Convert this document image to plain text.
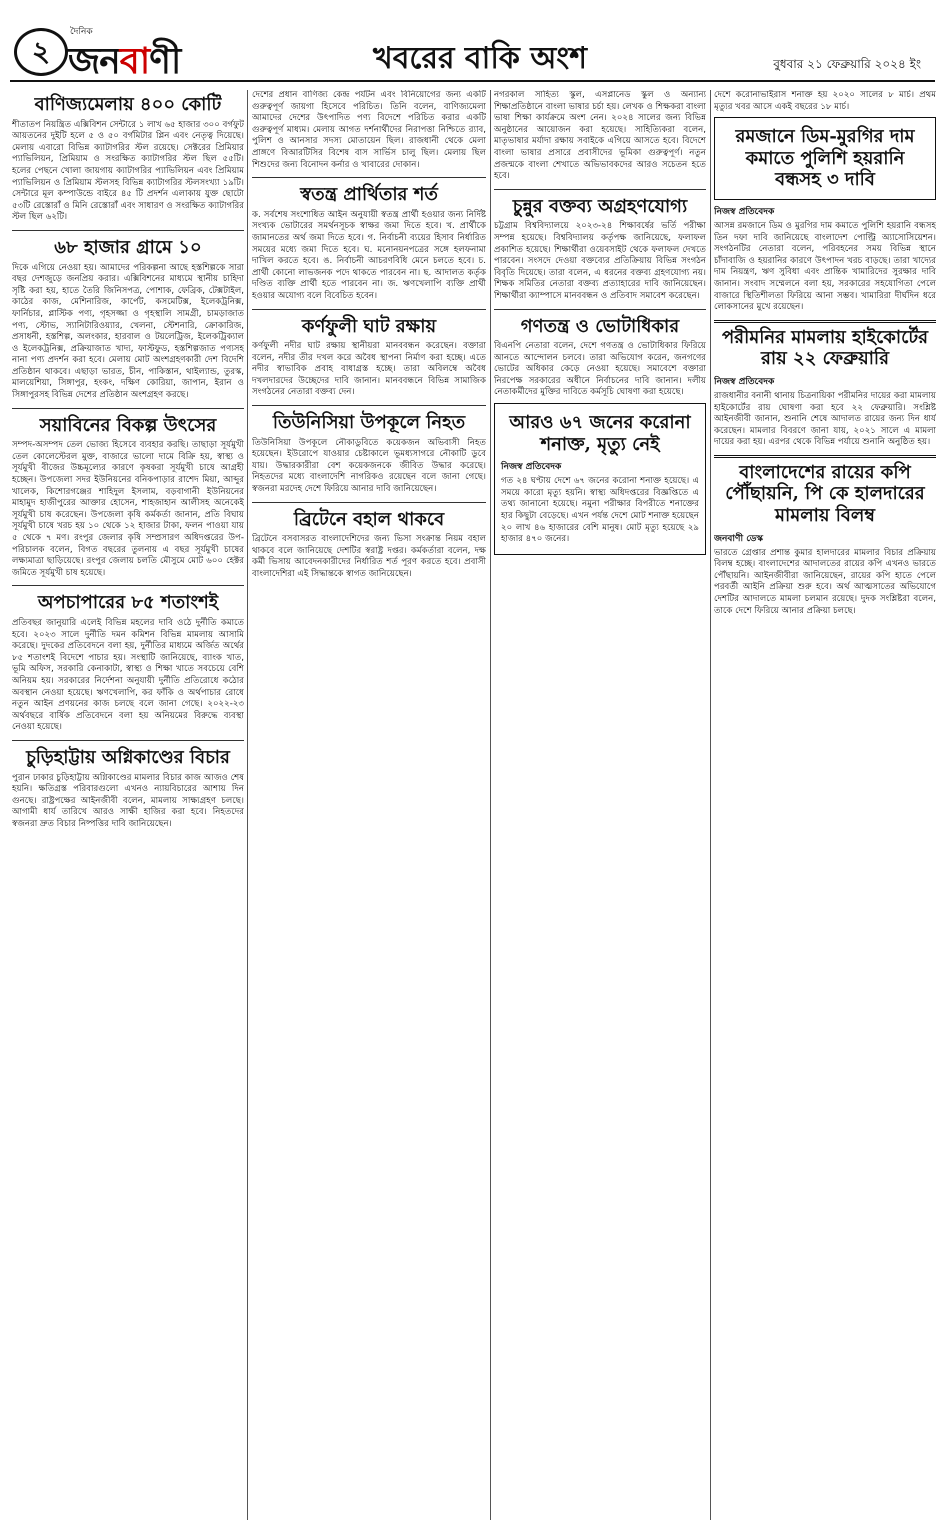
২
দৈনিক
জনবাণী	খবরের বাকি অংশ	বুধবার ২১ ফেব্রুয়ারি ২০২৪ ইং
বাণিজ্যমেলায় ৪০০ কোটি

শীতাতপ নিয়ন্ত্রিত এক্সিবিশন সেন্টারে ১ লাখ ৬৫ হাজার ৩০০ বর্গফুট আয়তনের দুইটি হলে ৫ ও ৫০ বর্গমিটার প্লিন এবং নেতৃত্ব দিয়েছে। মেলায় এবারো বিভিন্ন ক্যাটাগরির স্টল রয়েছে। সেক্টরের প্রিমিয়ার প্যাভিলিয়ন, প্রিমিয়াম ও সংরক্ষিত ক্যাটাগরির স্টল ছিল ৫৫টি। হলের পেছনে খোলা জায়গায় ক্যাটাগরির প্যাভিলিয়ন এবং প্রিমিয়াম প্যাভিলিয়ন ও প্রিমিয়াম স্টলসহ বিভিন্ন ক্যাটাগরির স্টলসংখ্যা ১৯টি। সেন্টারে মূল কম্পাউন্ডে বাইরে ৪৫ টি প্রদর্শন এলাকায় যুক্ত ছোটো ৫৩টি রেস্তোরাঁ ও মিনি রেস্তোরাঁ এবং সাধারণ ও সংরক্ষিত ক্যাটাগরির স্টল ছিল ৬২টি।

৬৮ হাজার গ্রামে ১০

দিকে এগিয়ে নেওয়া হয়। আমাদের পরিকল্পনা আছে হস্তশিল্পকে সারা বছর দেশজুড়ে জনপ্রিয় করার। এক্সিবিশনের মাধ্যমে স্থানীয় চাহিদা সৃষ্টি করা হয়, হাতে তৈরি জিনিসপত্র, পোশাক, ফেব্রিক, টেক্সটাইল, কাঠের কাজ, মেশিনারিজ, কার্পেট, কসমেটিক্স, ইলেকট্রনিক্স, ফার্নিচার, প্লাস্টিক পণ্য, গৃহসজ্জা ও গৃহস্থালি সামগ্রী, চামড়াজাত পণ্য, স্টোভ, স্যানিটারিওয়্যার, খেলনা, স্টেশনারি, ক্রোকারিজ, প্রসাধনী, হস্তশিল্প, অলংকার, হারবাল ও টয়লেট্রিজ, ইলেকট্রিক্যাল ও ইলেকট্রনিক্স, প্রক্রিয়াজাত খাদ্য, ফাস্টফুড, হস্তশিল্পজাত পণ্যসহ নানা পণ্য প্রদর্শন করা হবে। মেলায় মোট অংশগ্রহণকারী দেশ বিদেশি প্রতিষ্ঠান থাকবে। এছাড়া ভারত, চীন, পাকিস্তান, থাইল্যান্ড, তুরস্ক, মালয়েশিয়া, সিঙ্গাপুর, হংকং, দক্ষিণ কোরিয়া, জাপান, ইরান ও সিঙ্গাপুরসহ বিভিন্ন দেশের প্রতিষ্ঠান অংশগ্রহণ করছে।

সয়াবিনের বিকল্প উৎসের

সম্পদ-অসম্পদ তেল ভোজ্য হিসেবে ব্যবহার করছি। তাছাড়া সূর্যমুখী তেল কোলেস্টেরল মুক্ত, বাজারে ভালো দামে বিক্রি হয়, স্বাস্থ্য ও সূর্যমুখী বীজের উচ্চমূল্যের কারণে কৃষকরা সূর্যমুখী চাষে আগ্রহী হচ্ছেন। উপজেলা সদর ইউনিয়নের বনিকপাড়ার রাশেদ মিয়া, আব্দুর খালেক, কিশোরগঞ্জের শাহিদুল ইসলাম, বড়বাগানী ইউনিয়নের মাহামুদ হাজীপুরের আক্তার হোসেন, শাহজাহান আলীসহ অনেকেই সূর্যমুখী চাষ করেছেন। উপজেলা কৃষি কর্মকর্তা জানান, প্রতি বিঘায় সূর্যমুখী চাষে খরচ হয় ১০ থেকে ১২ হাজার টাকা, ফলন পাওয়া যায় ৫ থেকে ৭ মণ। রংপুর জেলার কৃষি সম্প্রসারণ অধিদপ্তরের উপ-পরিচালক বলেন, বিগত বছরের তুলনায় এ বছর সূর্যমুখী চাষের লক্ষ্যমাত্রা ছাড়িয়েছে। রংপুর জেলায় চলতি মৌসুমে মোট ৬০০ হেক্টর জমিতে সূর্যমুখী চাষ হয়েছে।

অপচাপারের ৮৫ শতাংশই

প্রতিবছর জানুয়ারি এলেই বিভিন্ন মহলের দাবি ওঠে দুর্নীতি কমাতে হবে। ২০২৩ সালে দুর্নীতি দমন কমিশন বিভিন্ন মামলায় আসামি করেছে। দুদকের প্রতিবেদনে বলা হয়, দুর্নীতির মাধ্যমে অর্জিত অর্থের ৮৫ শতাংশই বিদেশে পাচার হয়। সংস্থাটি জানিয়েছে, ব্যাংক খাত, ভূমি অফিস, সরকারি কেনাকাটা, স্বাস্থ্য ও শিক্ষা খাতে সবচেয়ে বেশি অনিয়ম হয়। সরকারের নির্দেশনা অনুযায়ী দুর্নীতি প্রতিরোধে কঠোর অবস্থান নেওয়া হয়েছে। ঋণখেলাপি, কর ফাঁকি ও অর্থপাচার রোধে নতুন আইন প্রণয়নের কাজ চলছে বলে জানা গেছে। ২০২২-২৩ অর্থবছরে বার্ষিক প্রতিবেদনে বলা হয় অনিয়মের বিরুদ্ধে ব্যবস্থা নেওয়া হয়েছে।

চুড়িহাট্টায় অগ্নিকাণ্ডের বিচার

পুরান ঢাকার চুড়িহাট্টায় অগ্নিকাণ্ডের মামলার বিচার কাজ আজও শেষ হয়নি। ক্ষতিগ্রস্ত পরিবারগুলো এখনও ন্যায়বিচারের আশায় দিন গুনছে। রাষ্ট্রপক্ষের আইনজীবী বলেন, মামলায় সাক্ষ্যগ্রহণ চলছে। আগামী ধার্য তারিখে আরও সাক্ষী হাজির করা হবে। নিহতদের স্বজনরা দ্রুত বিচার নিষ্পত্তির দাবি জানিয়েছেন।

দেশের প্রধান বাণিজ্য কেন্দ্র পর্যটন এবং বিনিয়োগের জন্য একটি গুরুত্বপূর্ণ জায়গা হিসেবে পরিচিত। তিনি বলেন, বাণিজ্যমেলা আমাদের দেশের উৎপাদিত পণ্য বিদেশে পরিচিত করার একটি গুরুত্বপূর্ণ মাধ্যম। মেলায় আগত দর্শনার্থীদের নিরাপত্তা নিশ্চিতে র‌্যাব, পুলিশ ও আনসার সদস্য মোতায়েন ছিল। রাজধানী থেকে মেলা প্রাঙ্গণে বিআরটিসির বিশেষ বাস সার্ভিস চালু ছিল। মেলায় ছিল শিশুদের জন্য বিনোদন কর্নার ও খাবারের দোকান।

স্বতন্ত্র প্রার্থিতার শর্ত

ক. সর্বশেষ সংশোধিত আইন অনুযায়ী স্বতন্ত্র প্রার্থী হওয়ার জন্য নির্দিষ্ট সংখ্যক ভোটারের সমর্থনসূচক স্বাক্ষর জমা দিতে হবে। খ. প্রার্থীকে জামানতের অর্থ জমা দিতে হবে। গ. নির্বাচনী ব্যয়ের হিসাব নির্ধারিত সময়ের মধ্যে জমা দিতে হবে। ঘ. মনোনয়নপত্রের সঙ্গে হলফনামা দাখিল করতে হবে। ঙ. নির্বাচনী আচরণবিধি মেনে চলতে হবে। চ. প্রার্থী কোনো লাভজনক পদে থাকতে পারবেন না। ছ. আদালত কর্তৃক দণ্ডিত ব্যক্তি প্রার্থী হতে পারবেন না। জ. ঋণখেলাপি ব্যক্তি প্রার্থী হওয়ার অযোগ্য বলে বিবেচিত হবেন।

কর্ণফুলী ঘাট রক্ষায়

কর্ণফুলী নদীর ঘাট রক্ষায় স্থানীয়রা মানববন্ধন করেছেন। বক্তারা বলেন, নদীর তীর দখল করে অবৈধ স্থাপনা নির্মাণ করা হচ্ছে। এতে নদীর স্বাভাবিক প্রবাহ বাধাগ্রস্ত হচ্ছে। তারা অবিলম্বে অবৈধ দখলদারদের উচ্ছেদের দাবি জানান। মানববন্ধনে বিভিন্ন সামাজিক সংগঠনের নেতারা বক্তব্য দেন।

তিউনিসিয়া উপকূলে নিহত

তিউনিসিয়া উপকূলে নৌকাডুবিতে কয়েকজন অভিবাসী নিহত হয়েছেন। ইউরোপে যাওয়ার চেষ্টাকালে ভূমধ্যসাগরে নৌকাটি ডুবে যায়। উদ্ধারকারীরা বেশ কয়েকজনকে জীবিত উদ্ধার করেছে। নিহতদের মধ্যে বাংলাদেশি নাগরিকও রয়েছেন বলে জানা গেছে। স্বজনরা মরদেহ দেশে ফিরিয়ে আনার দাবি জানিয়েছেন।

ব্রিটেনে বহাল থাকবে

ব্রিটেনে বসবাসরত বাংলাদেশিদের জন্য ভিসা সংক্রান্ত নিয়ম বহাল থাকবে বলে জানিয়েছে দেশটির স্বরাষ্ট্র দপ্তর। কর্মকর্তারা বলেন, দক্ষ কর্মী ভিসায় আবেদনকারীদের নির্ধারিত শর্ত পূরণ করতে হবে। প্রবাসী বাংলাদেশিরা এই সিদ্ধান্তকে স্বাগত জানিয়েছেন।

নগরকাল সাহিত্য স্কুল, এসপ্লানেড স্কুল ও অন্যান্য শিক্ষাপ্রতিষ্ঠানে বাংলা ভাষার চর্চা হয়। লেখক ও শিক্ষকরা বাংলা ভাষা শিক্ষা কার্যক্রমে অংশ নেন। ২০২৪ সালের জন্য বিভিন্ন অনুষ্ঠানের আয়োজন করা হয়েছে। সাহিত্যিকরা বলেন, মাতৃভাষার মর্যাদা রক্ষায় সবাইকে এগিয়ে আসতে হবে। বিদেশে বাংলা ভাষার প্রসারে প্রবাসীদের ভূমিকা গুরুত্বপূর্ণ। নতুন প্রজন্মকে বাংলা শেখাতে অভিভাবকদের আরও সচেতন হতে হবে।

চুন্নুর বক্তব্য অগ্রহণযোগ্য

চট্টগ্রাম বিশ্ববিদ্যালয়ে ২০২৩-২৪ শিক্ষাবর্ষের ভর্তি পরীক্ষা সম্পন্ন হয়েছে। বিশ্ববিদ্যালয় কর্তৃপক্ষ জানিয়েছে, ফলাফল প্রকাশিত হয়েছে। শিক্ষার্থীরা ওয়েবসাইট থেকে ফলাফল দেখতে পারবেন। সংসদে দেওয়া বক্তব্যের প্রতিক্রিয়ায় বিভিন্ন সংগঠন বিবৃতি দিয়েছে। তারা বলেন, এ ধরনের বক্তব্য গ্রহণযোগ্য নয়। শিক্ষক সমিতির নেতারা বক্তব্য প্রত্যাহারের দাবি জানিয়েছেন। শিক্ষার্থীরা ক্যাম্পাসে মানববন্ধন ও প্রতিবাদ সমাবেশ করেছেন।

গণতন্ত্র ও ভোটাধিকার

বিএনপি নেতারা বলেন, দেশে গণতন্ত্র ও ভোটাধিকার ফিরিয়ে আনতে আন্দোলন চলবে। তারা অভিযোগ করেন, জনগণের ভোটের অধিকার কেড়ে নেওয়া হয়েছে। সমাবেশে বক্তারা নিরপেক্ষ সরকারের অধীনে নির্বাচনের দাবি জানান। দলীয় নেতাকর্মীদের মুক্তির দাবিতে কর্মসূচি ঘোষণা করা হয়েছে।

আরও ৬৭ জনের করোনা শনাক্ত, মৃত্যু নেই
নিজস্ব প্রতিবেদক

গত ২৪ ঘণ্টায় দেশে ৬৭ জনের করোনা শনাক্ত হয়েছে। এ সময়ে কারো মৃত্যু হয়নি। স্বাস্থ্য অধিদপ্তরের বিজ্ঞপ্তিতে এ তথ্য জানানো হয়েছে। নমুনা পরীক্ষার বিপরীতে শনাক্তের হার কিছুটা বেড়েছে। এখন পর্যন্ত দেশে মোট শনাক্ত হয়েছেন ২০ লাখ ৪৬ হাজারের বেশি মানুষ। মোট মৃত্যু হয়েছে ২৯ হাজার ৪৭০ জনের।

দেশে করোনাভাইরাস শনাক্ত হয় ২০২০ সালের ৮ মার্চ। প্রথম মৃত্যুর খবর আসে একই বছরের ১৮ মার্চ।

রমজানে ডিম-মুরগির দাম কমাতে পুলিশি হয়রানি বন্ধসহ ৩ দাবি
নিজস্ব প্রতিবেদক

আসন্ন রমজানে ডিম ও মুরগির দাম কমাতে পুলিশি হয়রানি বন্ধসহ তিন দফা দাবি জানিয়েছে বাংলাদেশ পোল্ট্রি অ্যাসোসিয়েশন। সংগঠনটির নেতারা বলেন, পরিবহনের সময় বিভিন্ন স্থানে চাঁদাবাজি ও হয়রানির কারণে উৎপাদন খরচ বাড়ছে। তারা খাদ্যের দাম নিয়ন্ত্রণ, ঋণ সুবিধা এবং প্রান্তিক খামারিদের সুরক্ষার দাবি জানান। সংবাদ সম্মেলনে বলা হয়, সরকারের সহযোগিতা পেলে বাজারে স্থিতিশীলতা ফিরিয়ে আনা সম্ভব। খামারিরা দীর্ঘদিন ধরে লোকসানের মুখে রয়েছেন।

পরীমনির মামলায় হাইকোর্টের রায় ২২ ফেব্রুয়ারি
নিজস্ব প্রতিবেদক

রাজধানীর বনানী থানায় চিত্রনায়িকা পরীমনির দায়ের করা মামলায় হাইকোর্টের রায় ঘোষণা করা হবে ২২ ফেব্রুয়ারি। সংশ্লিষ্ট আইনজীবী জানান, শুনানি শেষে আদালত রায়ের জন্য দিন ধার্য করেছেন। মামলার বিবরণে জানা যায়, ২০২১ সালে এ মামলা দায়ের করা হয়। এরপর থেকে বিভিন্ন পর্যায়ে শুনানি অনুষ্ঠিত হয়।

বাংলাদেশের রায়ের কপি পৌঁছায়নি, পি কে হালদারের মামলায় বিলম্ব
জনবাণী ডেস্ক

ভারতে গ্রেপ্তার প্রশান্ত কুমার হালদারের মামলার বিচার প্রক্রিয়ায় বিলম্ব হচ্ছে। বাংলাদেশের আদালতের রায়ের কপি এখনও ভারতে পৌঁছায়নি। আইনজীবীরা জানিয়েছেন, রায়ের কপি হাতে পেলে পরবর্তী আইনি প্রক্রিয়া শুরু হবে। অর্থ আত্মসাতের অভিযোগে দেশটির আদালতে মামলা চলমান রয়েছে। দুদক সংশ্লিষ্টরা বলেন, তাকে দেশে ফিরিয়ে আনার প্রক্রিয়া চলছে।
